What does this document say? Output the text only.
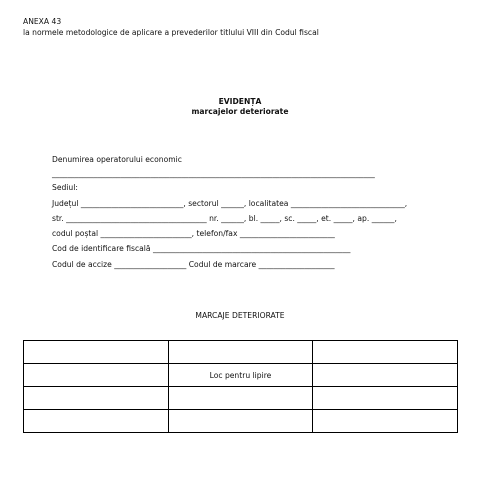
ANEXA 43
la normele metodologice de aplicare a prevederilor titlului VIII din Codul fiscal
EVIDENȚA
marcajelor deteriorate
Denumirea operatorului economic
_____________________________________________________________________________________
Sediul:
Județul ___________________________, sectorul ______, localitatea ______________________________,
str. _____________________________________ nr. ______, bl. _____, sc. _____, et. _____, ap. ______,
codul poștal ________________________, telefon/fax _________________________
Cod de identificare fiscală ____________________________________________________
Codul de accize ___________________ Codul de marcare ____________________
MARCAJE DETERIORATE

	Loc pentru lipire	
